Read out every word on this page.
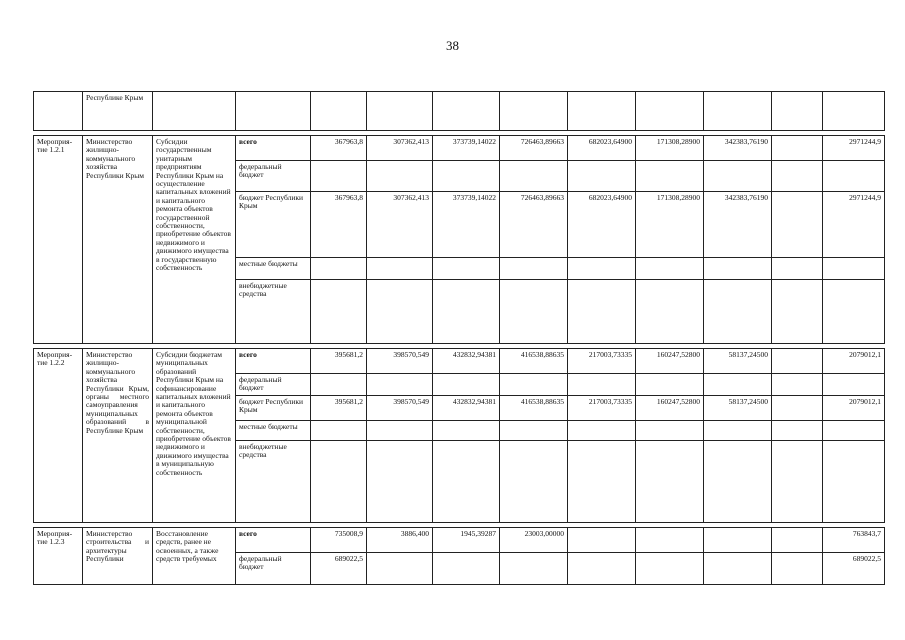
38
	Республике Крым											

Мероприя-тие 1.2.1	Министерство жилищно-коммунального хозяйства Республики Крым	Субсидии государственным унитарным предприятиям Республики Крым на осуществление капитальных вложений и капитального ремонта объектов государственной собственности, приобретение объектов недвижимого и движимого имущества в государственную собственность	всего	367963,8	307362,413	373739,14022	726463,89663	682023,64900	171308,28900	342383,76190		2971244,9
			федеральный бюджет									
			бюджет Республики Крым	367963,8	307362,413	373739,14022	726463,89663	682023,64900	171308,28900	342383,76190		2971244,9
			местные бюджеты									
			внебюджетные средства									

Мероприя-тие 1.2.2	Министерство жилищно-коммунального хозяйства Республики Крым, органы местного самоуправления муниципальных образований в Республике Крым	Субсидии бюджетам муниципальных образований Республики Крым на софинансирование капитальных вложений и капитального ремонта объектов муниципальной собственности, приобретение объектов недвижимого и движимого имущества в муниципальную собственность	всего	395681,2	398570,549	432832,94381	416538,88635	217003,73335	160247,52800	58137,24500		2079012,1
			федеральный бюджет									
			бюджет Республики Крым	395681,2	398570,549	432832,94381	416538,88635	217003,73335	160247,52800	58137,24500		2079012,1
			местные бюджеты									
			внебюджетные средства									

Мероприя-тие 1.2.3	Министерство строительства и архитектуры Республики	Восстановление средств, ранее не освоенных, а также средств требуемых	всего	735008,9	3886,400	1945,39287	23003,00000					763843,7
			федеральный бюджет	689022,5								689022,5
